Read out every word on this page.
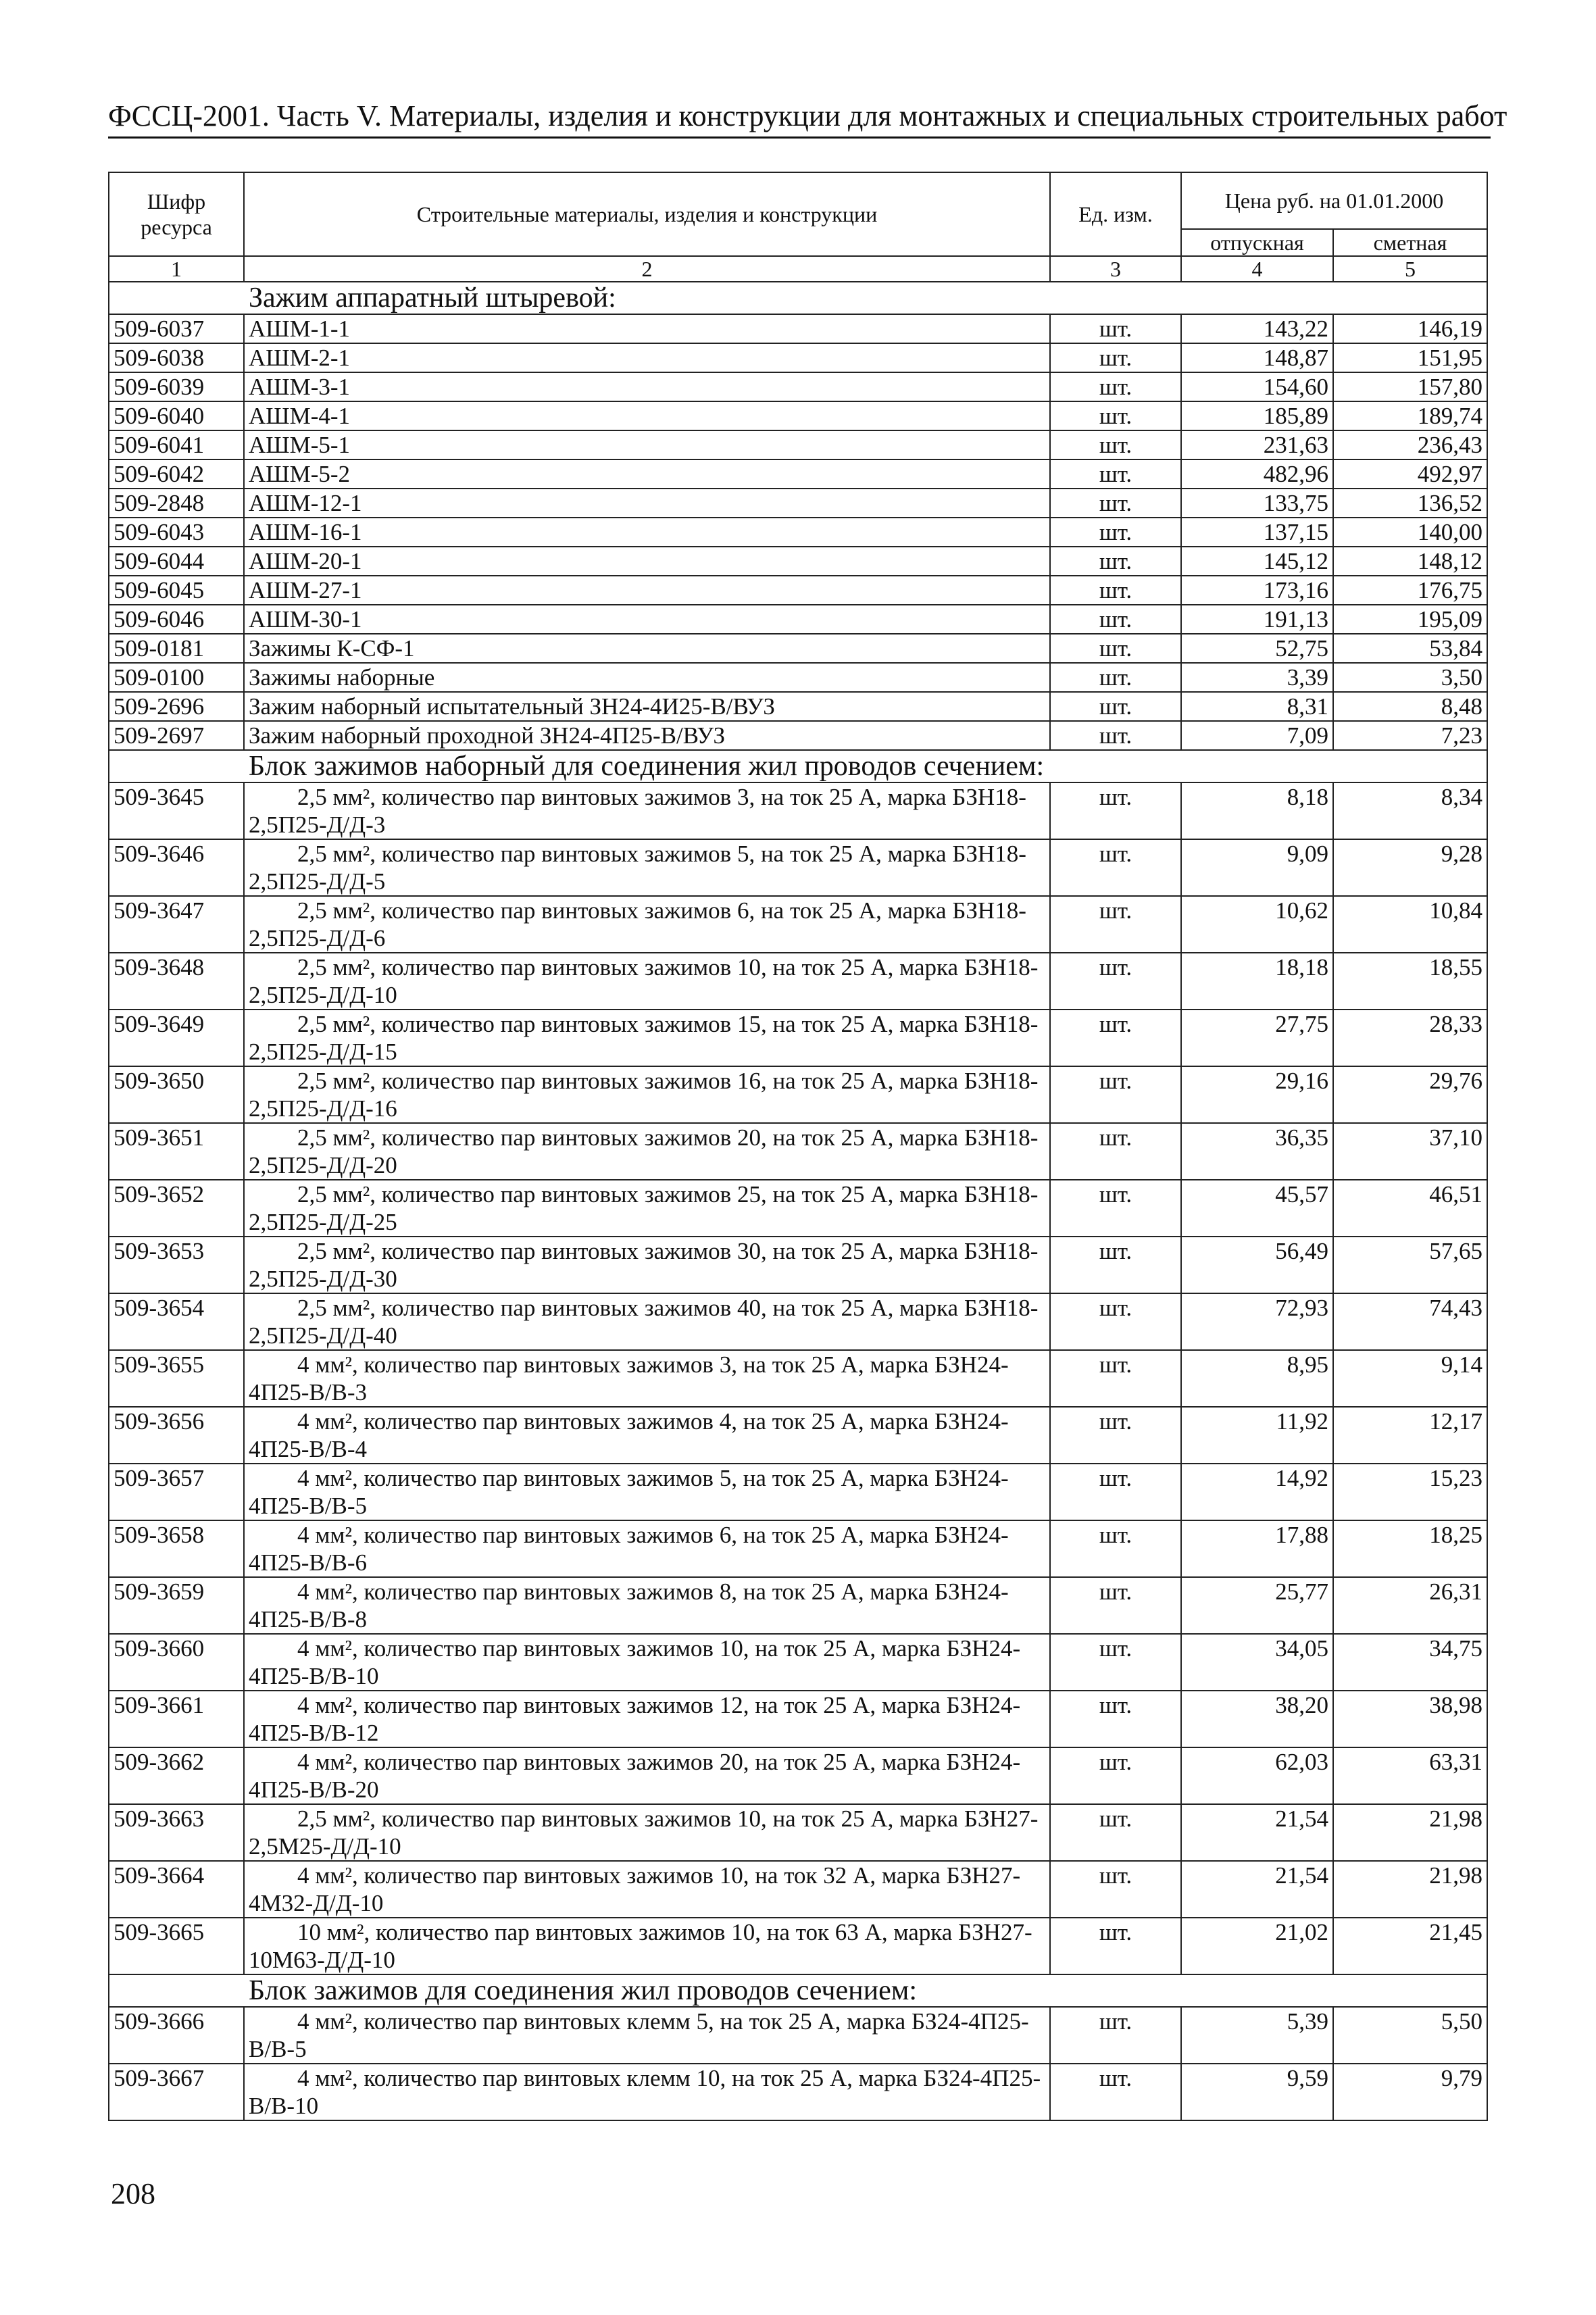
ФССЦ-2001. Часть V. Материалы, изделия и конструкции для монтажных и специальных строительных работ
Шифр ресурса	Строительные материалы, изделия и конструкции	Ед. изм.	Цена руб. на 01.01.2000	
			отпускная	сметная
1	2	3	4	5
Зажим аппаратный штыревой:				
509-6037	АШМ-1-1	шт.	143,22	146,19
509-6038	АШМ-2-1	шт.	148,87	151,95
509-6039	АШМ-3-1	шт.	154,60	157,80
509-6040	АШМ-4-1	шт.	185,89	189,74
509-6041	АШМ-5-1	шт.	231,63	236,43
509-6042	АШМ-5-2	шт.	482,96	492,97
509-2848	АШМ-12-1	шт.	133,75	136,52
509-6043	АШМ-16-1	шт.	137,15	140,00
509-6044	АШМ-20-1	шт.	145,12	148,12
509-6045	АШМ-27-1	шт.	173,16	176,75
509-6046	АШМ-30-1	шт.	191,13	195,09
509-0181	Зажимы К-СФ-1	шт.	52,75	53,84
509-0100	Зажимы наборные	шт.	3,39	3,50
509-2696	Зажим наборный испытательный ЗН24-4И25-В/ВУЗ	шт.	8,31	8,48
509-2697	Зажим наборный проходной ЗН24-4П25-В/ВУЗ	шт.	7,09	7,23
Блок зажимов наборный для соединения жил проводов сечением:				
509-3645	2,5 мм², количество пар винтовых зажимов 3, на ток 25 А, марка БЗН18-2,5П25-Д/Д-3	шт.	8,18	8,34
509-3646	2,5 мм², количество пар винтовых зажимов 5, на ток 25 А, марка БЗН18-2,5П25-Д/Д-5	шт.	9,09	9,28
509-3647	2,5 мм², количество пар винтовых зажимов 6, на ток 25 А, марка БЗН18-2,5П25-Д/Д-6	шт.	10,62	10,84
509-3648	2,5 мм², количество пар винтовых зажимов 10, на ток 25 А, марка БЗН18-2,5П25-Д/Д-10	шт.	18,18	18,55
509-3649	2,5 мм², количество пар винтовых зажимов 15, на ток 25 А, марка БЗН18-2,5П25-Д/Д-15	шт.	27,75	28,33
509-3650	2,5 мм², количество пар винтовых зажимов 16, на ток 25 А, марка БЗН18-2,5П25-Д/Д-16	шт.	29,16	29,76
509-3651	2,5 мм², количество пар винтовых зажимов 20, на ток 25 А, марка БЗН18-2,5П25-Д/Д-20	шт.	36,35	37,10
509-3652	2,5 мм², количество пар винтовых зажимов 25, на ток 25 А, марка БЗН18-2,5П25-Д/Д-25	шт.	45,57	46,51
509-3653	2,5 мм², количество пар винтовых зажимов 30, на ток 25 А, марка БЗН18-2,5П25-Д/Д-30	шт.	56,49	57,65
509-3654	2,5 мм², количество пар винтовых зажимов 40, на ток 25 А, марка БЗН18-2,5П25-Д/Д-40	шт.	72,93	74,43
509-3655	4 мм², количество пар винтовых зажимов 3, на ток 25 А, марка БЗН24-4П25-В/В-3	шт.	8,95	9,14
509-3656	4 мм², количество пар винтовых зажимов 4, на ток 25 А, марка БЗН24-4П25-В/В-4	шт.	11,92	12,17
509-3657	4 мм², количество пар винтовых зажимов 5, на ток 25 А, марка БЗН24-4П25-В/В-5	шт.	14,92	15,23
509-3658	4 мм², количество пар винтовых зажимов 6, на ток 25 А, марка БЗН24-4П25-В/В-6	шт.	17,88	18,25
509-3659	4 мм², количество пар винтовых зажимов 8, на ток 25 А, марка БЗН24-4П25-В/В-8	шт.	25,77	26,31
509-3660	4 мм², количество пар винтовых зажимов 10, на ток 25 А, марка БЗН24-4П25-В/В-10	шт.	34,05	34,75
509-3661	4 мм², количество пар винтовых зажимов 12, на ток 25 А, марка БЗН24-4П25-В/В-12	шт.	38,20	38,98
509-3662	4 мм², количество пар винтовых зажимов 20, на ток 25 А, марка БЗН24-4П25-В/В-20	шт.	62,03	63,31
509-3663	2,5 мм², количество пар винтовых зажимов 10, на ток 25 А, марка БЗН27-2,5М25-Д/Д-10	шт.	21,54	21,98
509-3664	4 мм², количество пар винтовых зажимов 10, на ток 32 А, марка БЗН27-4М32-Д/Д-10	шт.	21,54	21,98
509-3665	10 мм², количество пар винтовых зажимов 10, на ток 63 А, марка БЗН27-10М63-Д/Д-10	шт.	21,02	21,45
Блок зажимов для соединения жил проводов сечением:				
509-3666	4 мм², количество пар винтовых клемм 5, на ток 25 А, марка БЗ24-4П25-В/В-5	шт.	5,39	5,50
509-3667	4 мм², количество пар винтовых клемм 10, на ток 25 А, марка БЗ24-4П25-В/В-10	шт.	9,59	9,79
208
